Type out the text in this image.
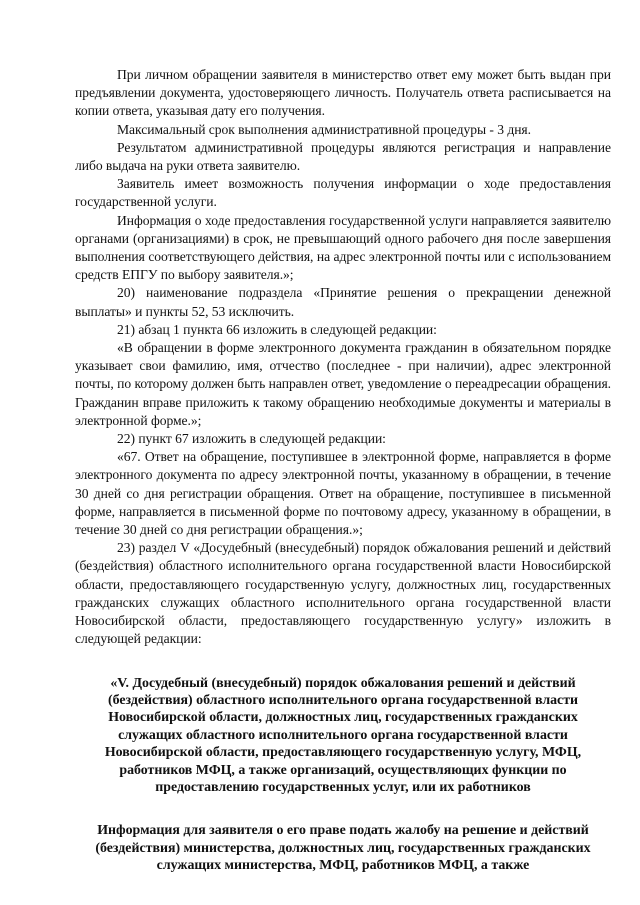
При личном обращении заявителя в министерство ответ ему может быть выдан при предъявлении документа, удостоверяющего личность. Получатель ответа расписывается на копии ответа, указывая дату его получения.

Максимальный срок выполнения административной процедуры - 3 дня.

Результатом административной процедуры являются регистрация и направление либо выдача на руки ответа заявителю.

Заявитель имеет возможность получения информации о ходе предоставления государственной услуги.

Информация о ходе предоставления государственной услуги направляется заявителю органами (организациями) в срок, не превышающий одного рабочего дня после завершения выполнения соответствующего действия, на адрес электронной почты или с использованием средств ЕПГУ по выбору заявителя.»;

20) наименование подраздела «Принятие решения о прекращении денежной выплаты» и пункты 52, 53 исключить.

21) абзац 1 пункта 66 изложить в следующей редакции:

«В обращении в форме электронного документа гражданин в обязательном порядке указывает свои фамилию, имя, отчество (последнее - при наличии), адрес электронной почты, по которому должен быть направлен ответ, уведомление о переадресации обращения. Гражданин вправе приложить к такому обращению необходимые документы и материалы в электронной форме.»;

22) пункт 67 изложить в следующей редакции:

«67. Ответ на обращение, поступившее в электронной форме, направляется в форме электронного документа по адресу электронной почты, указанному в обращении, в течение 30 дней со дня регистрации обращения. Ответ на обращение, поступившее в письменной форме, направляется в письменной форме по почтовому адресу, указанному в обращении, в течение 30 дней со дня регистрации обращения.»;

23) раздел V «Досудебный (внесудебный) порядок обжалования решений и действий (бездействия) областного исполнительного органа государственной власти Новосибирской области, предоставляющего государственную услугу, должностных лиц, государственных гражданских служащих областного исполнительного органа государственной власти Новосибирской области, предоставляющего государственную услугу» изложить в следующей редакции:

«V. Досудебный (внесудебный) порядок обжалования решений и действий (бездействия) областного исполнительного органа государственной власти Новосибирской области, должностных лиц, государственных гражданских служащих областного исполнительного органа государственной власти Новосибирской области, предоставляющего государственную услугу, МФЦ, работников МФЦ, а также организаций, осуществляющих функции по предоставлению государственных услуг, или их работников

Информация для заявителя о его праве подать жалобу на решение и действий (бездействия) министерства, должностных лиц, государственных гражданских служащих министерства, МФЦ, работников МФЦ, а также
